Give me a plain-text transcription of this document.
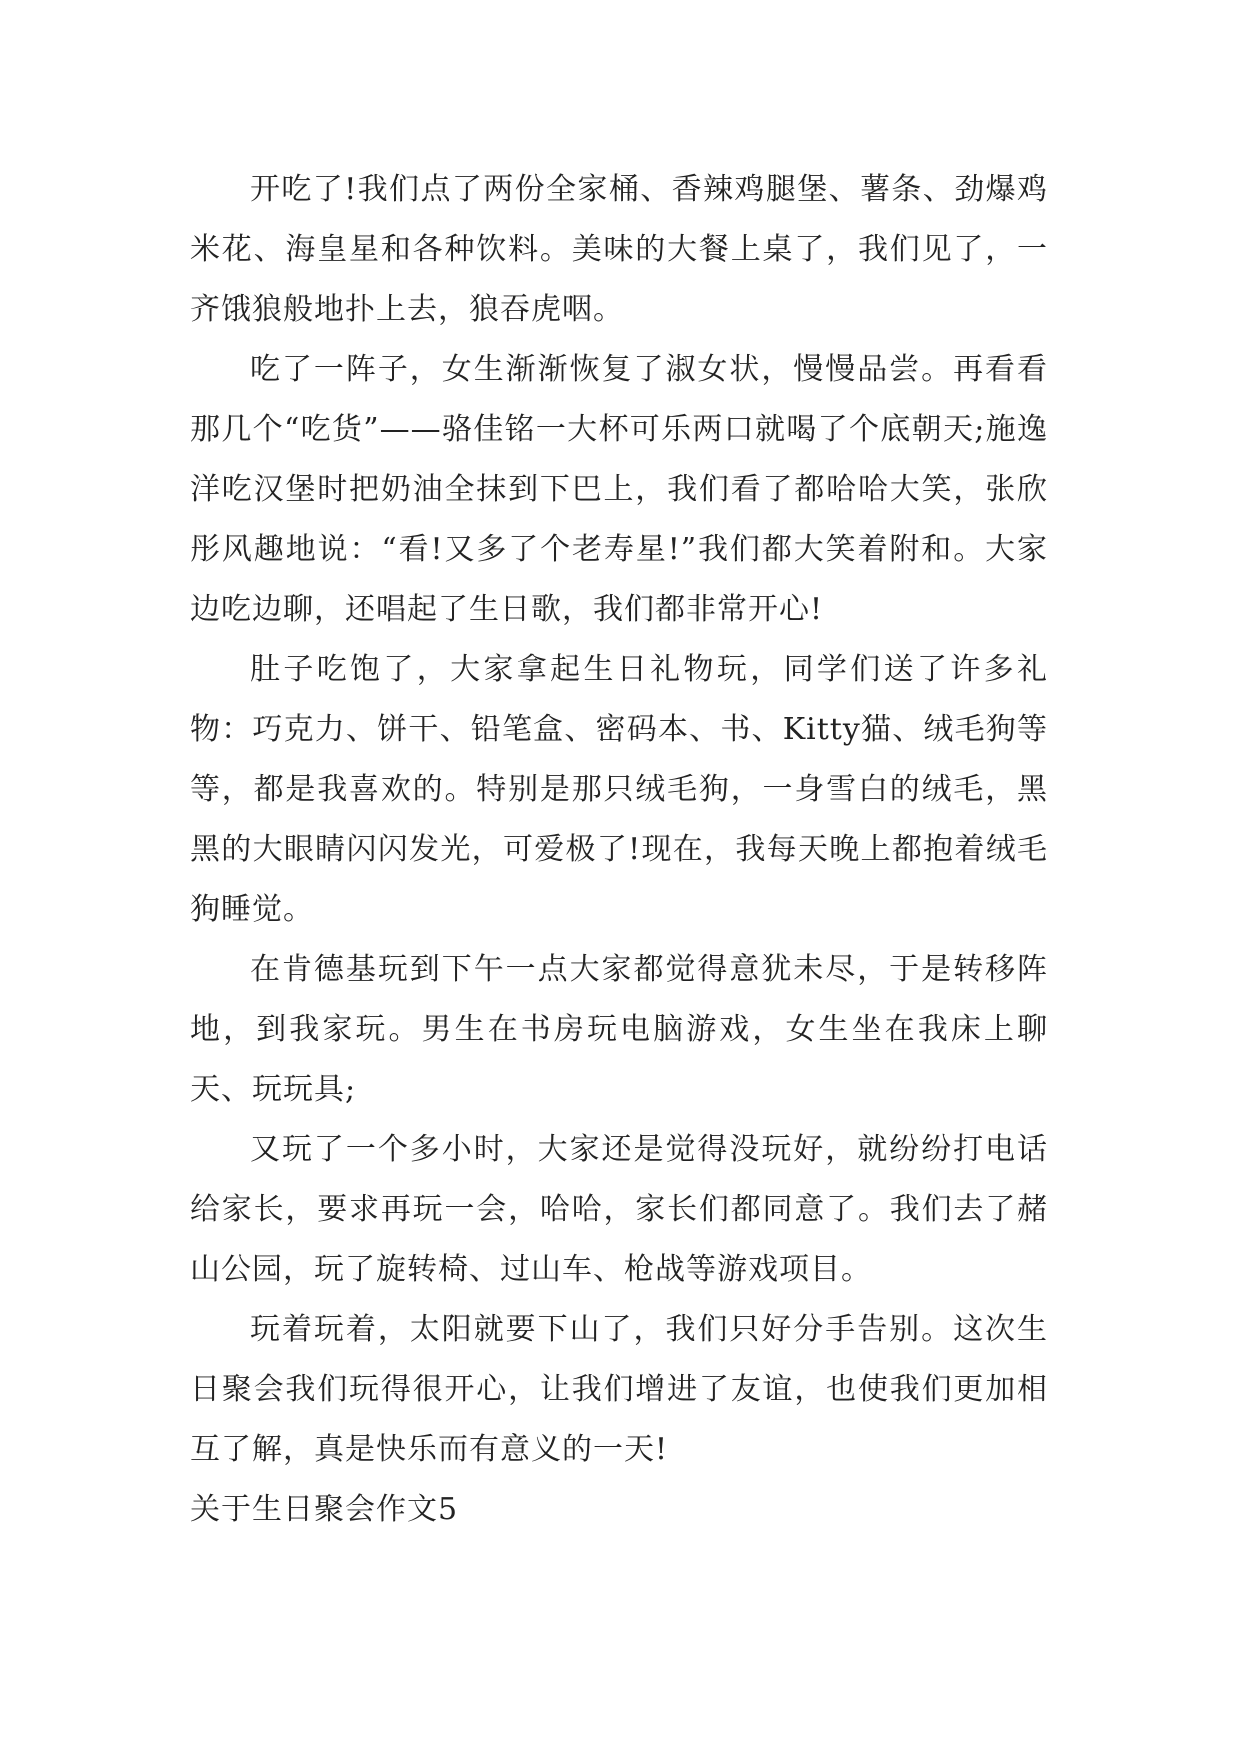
开吃了!我们点了两份全家桶、香辣鸡腿堡、薯条、劲爆鸡米花、海皇星和各种饮料。美味的大餐上桌了，我们见了，一齐饿狼般地扑上去，狼吞虎咽。

吃了一阵子，女生渐渐恢复了淑女状，慢慢品尝。再看看那几个“吃货”——骆佳铭一大杯可乐两口就喝了个底朝天;施逸洋吃汉堡时把奶油全抹到下巴上，我们看了都哈哈大笑，张欣彤风趣地说：“看!又多了个老寿星!”我们都大笑着附和。大家边吃边聊，还唱起了生日歌，我们都非常开心!

肚子吃饱了，大家拿起生日礼物玩，同学们送了许多礼物：巧克力、饼干、铅笔盒、密码本、书、Kitty猫、绒毛狗等等，都是我喜欢的。特别是那只绒毛狗，一身雪白的绒毛，黑黑的大眼睛闪闪发光，可爱极了!现在，我每天晚上都抱着绒毛狗睡觉。

在肯德基玩到下午一点大家都觉得意犹未尽，于是转移阵地，到我家玩。男生在书房玩电脑游戏，女生坐在我床上聊天、玩玩具;

又玩了一个多小时，大家还是觉得没玩好，就纷纷打电话给家长，要求再玩一会，哈哈，家长们都同意了。我们去了赭山公园，玩了旋转椅、过山车、枪战等游戏项目。

玩着玩着，太阳就要下山了，我们只好分手告别。这次生日聚会我们玩得很开心，让我们增进了友谊，也使我们更加相互了解，真是快乐而有意义的一天!

关于生日聚会作文5
